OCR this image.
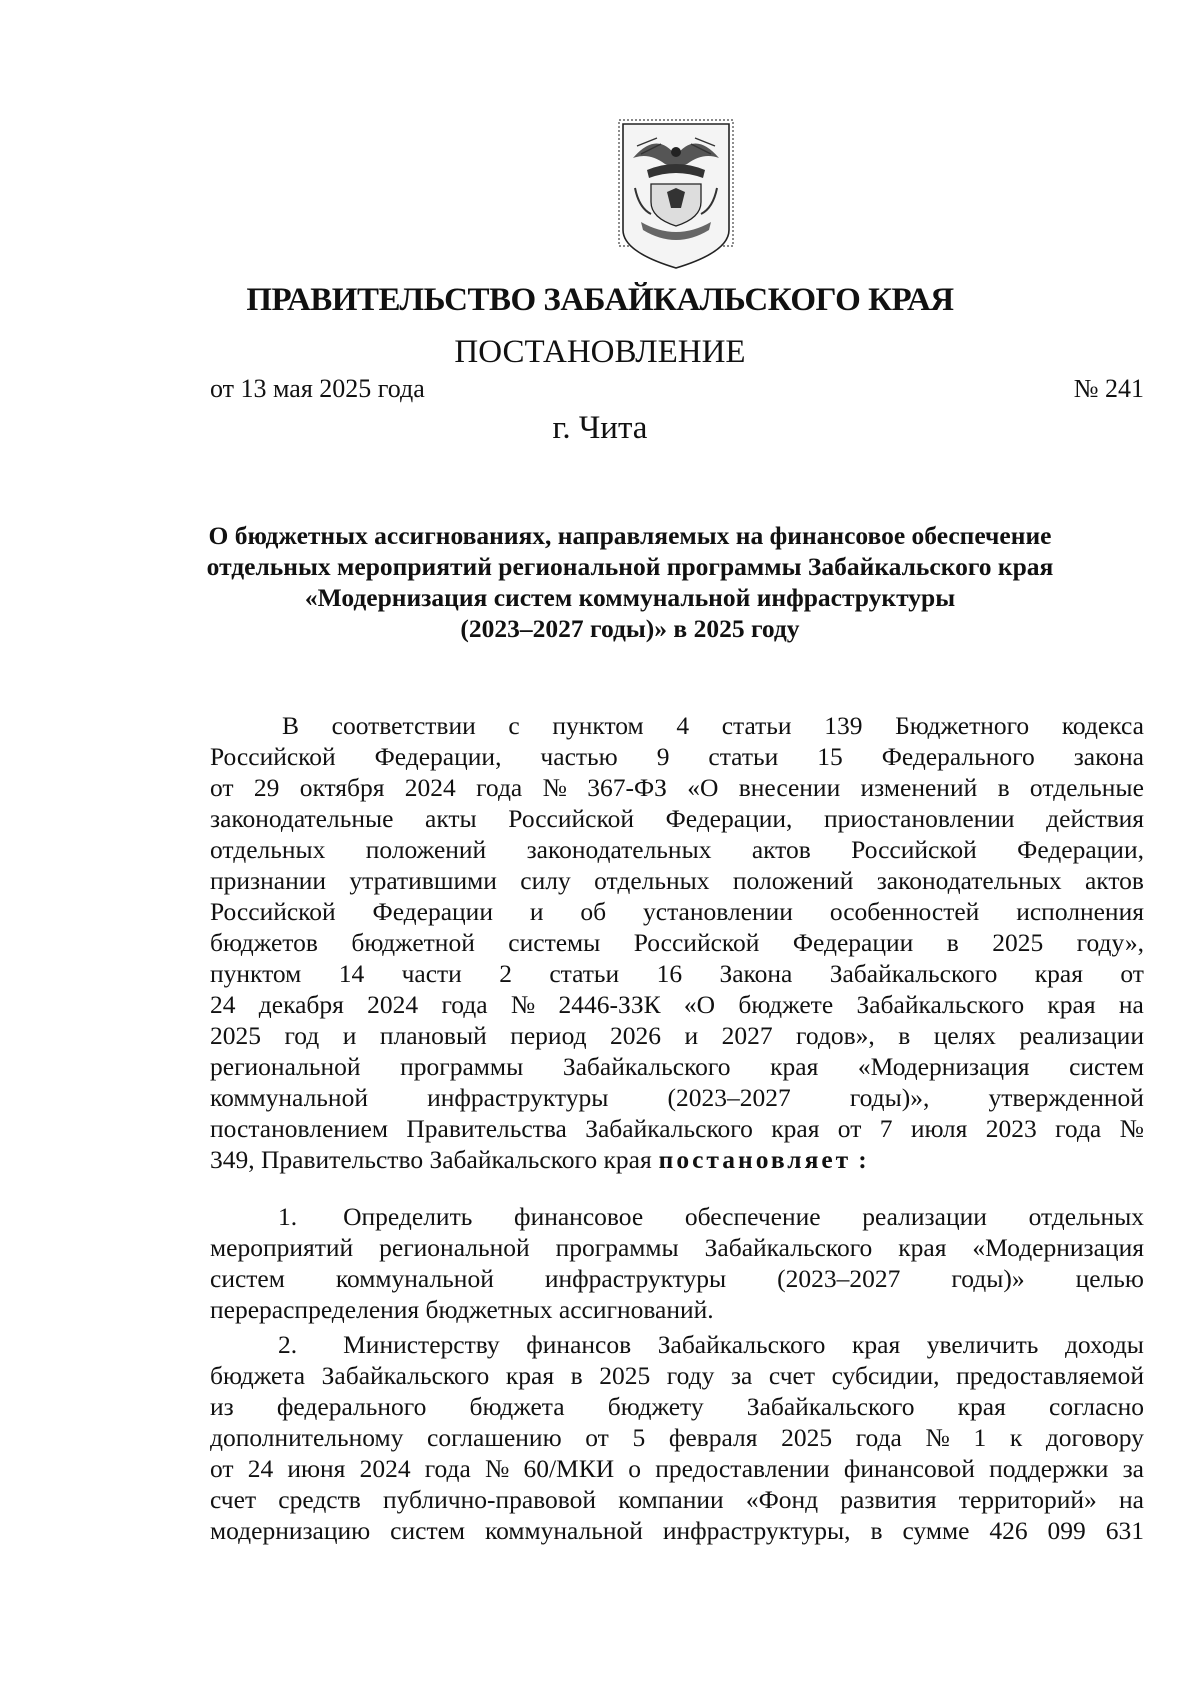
ПРАВИТЕЛЬСТВО ЗАБАЙКАЛЬСКОГО КРАЯ
ПОСТАНОВЛЕНИЕ
от 13 мая 2025 года	№ 241
г. Чита
О бюджетных ассигнованиях, направляемых на финансовое обеспечение
отдельных мероприятий региональной программы Забайкальского края
«Модернизация систем коммунальной инфраструктуры
(2023–2027 годы)» в 2025 году
В соответствии с пунктом 4 статьи 139 Бюджетного кодекса
Российской Федерации, частью 9 статьи 15 Федерального закона
от 29 октября 2024 года № 367-ФЗ «О внесении изменений в отдельные
законодательные акты Российской Федерации, приостановлении действия
отдельных положений законодательных актов Российской Федерации,
признании утратившими силу отдельных положений законодательных актов
Российской Федерации и об установлении особенностей исполнения
бюджетов бюджетной системы Российской Федерации в 2025 году»,
пунктом 14 части 2 статьи 16 Закона Забайкальского края от
24 декабря 2024 года № 2446-ЗЗК «О бюджете Забайкальского края на
2025 год и плановый период 2026 и 2027 годов», в целях реализации
региональной программы Забайкальского края «Модернизация систем
коммунальной инфраструктуры (2023–2027 годы)», утвержденной
постановлением Правительства Забайкальского края от 7 июля 2023 года №
349, Правительство Забайкальского края постановляет :
1. Определить финансовое обеспечение реализации отдельных
мероприятий региональной программы Забайкальского края «Модернизация
систем коммунальной инфраструктуры (2023–2027 годы)» целью
перераспределения бюджетных ассигнований.
2. Министерству финансов Забайкальского края увеличить доходы
бюджета Забайкальского края в 2025 году за счет субсидии, предоставляемой
из федерального бюджета бюджету Забайкальского края согласно
дополнительному соглашению от 5 февраля 2025 года № 1 к договору
от 24 июня 2024 года № 60/МКИ о предоставлении финансовой поддержки за
счет средств публично-правовой компании «Фонд развития территорий» на
модернизацию систем коммунальной инфраструктуры, в сумме 426 099 631
